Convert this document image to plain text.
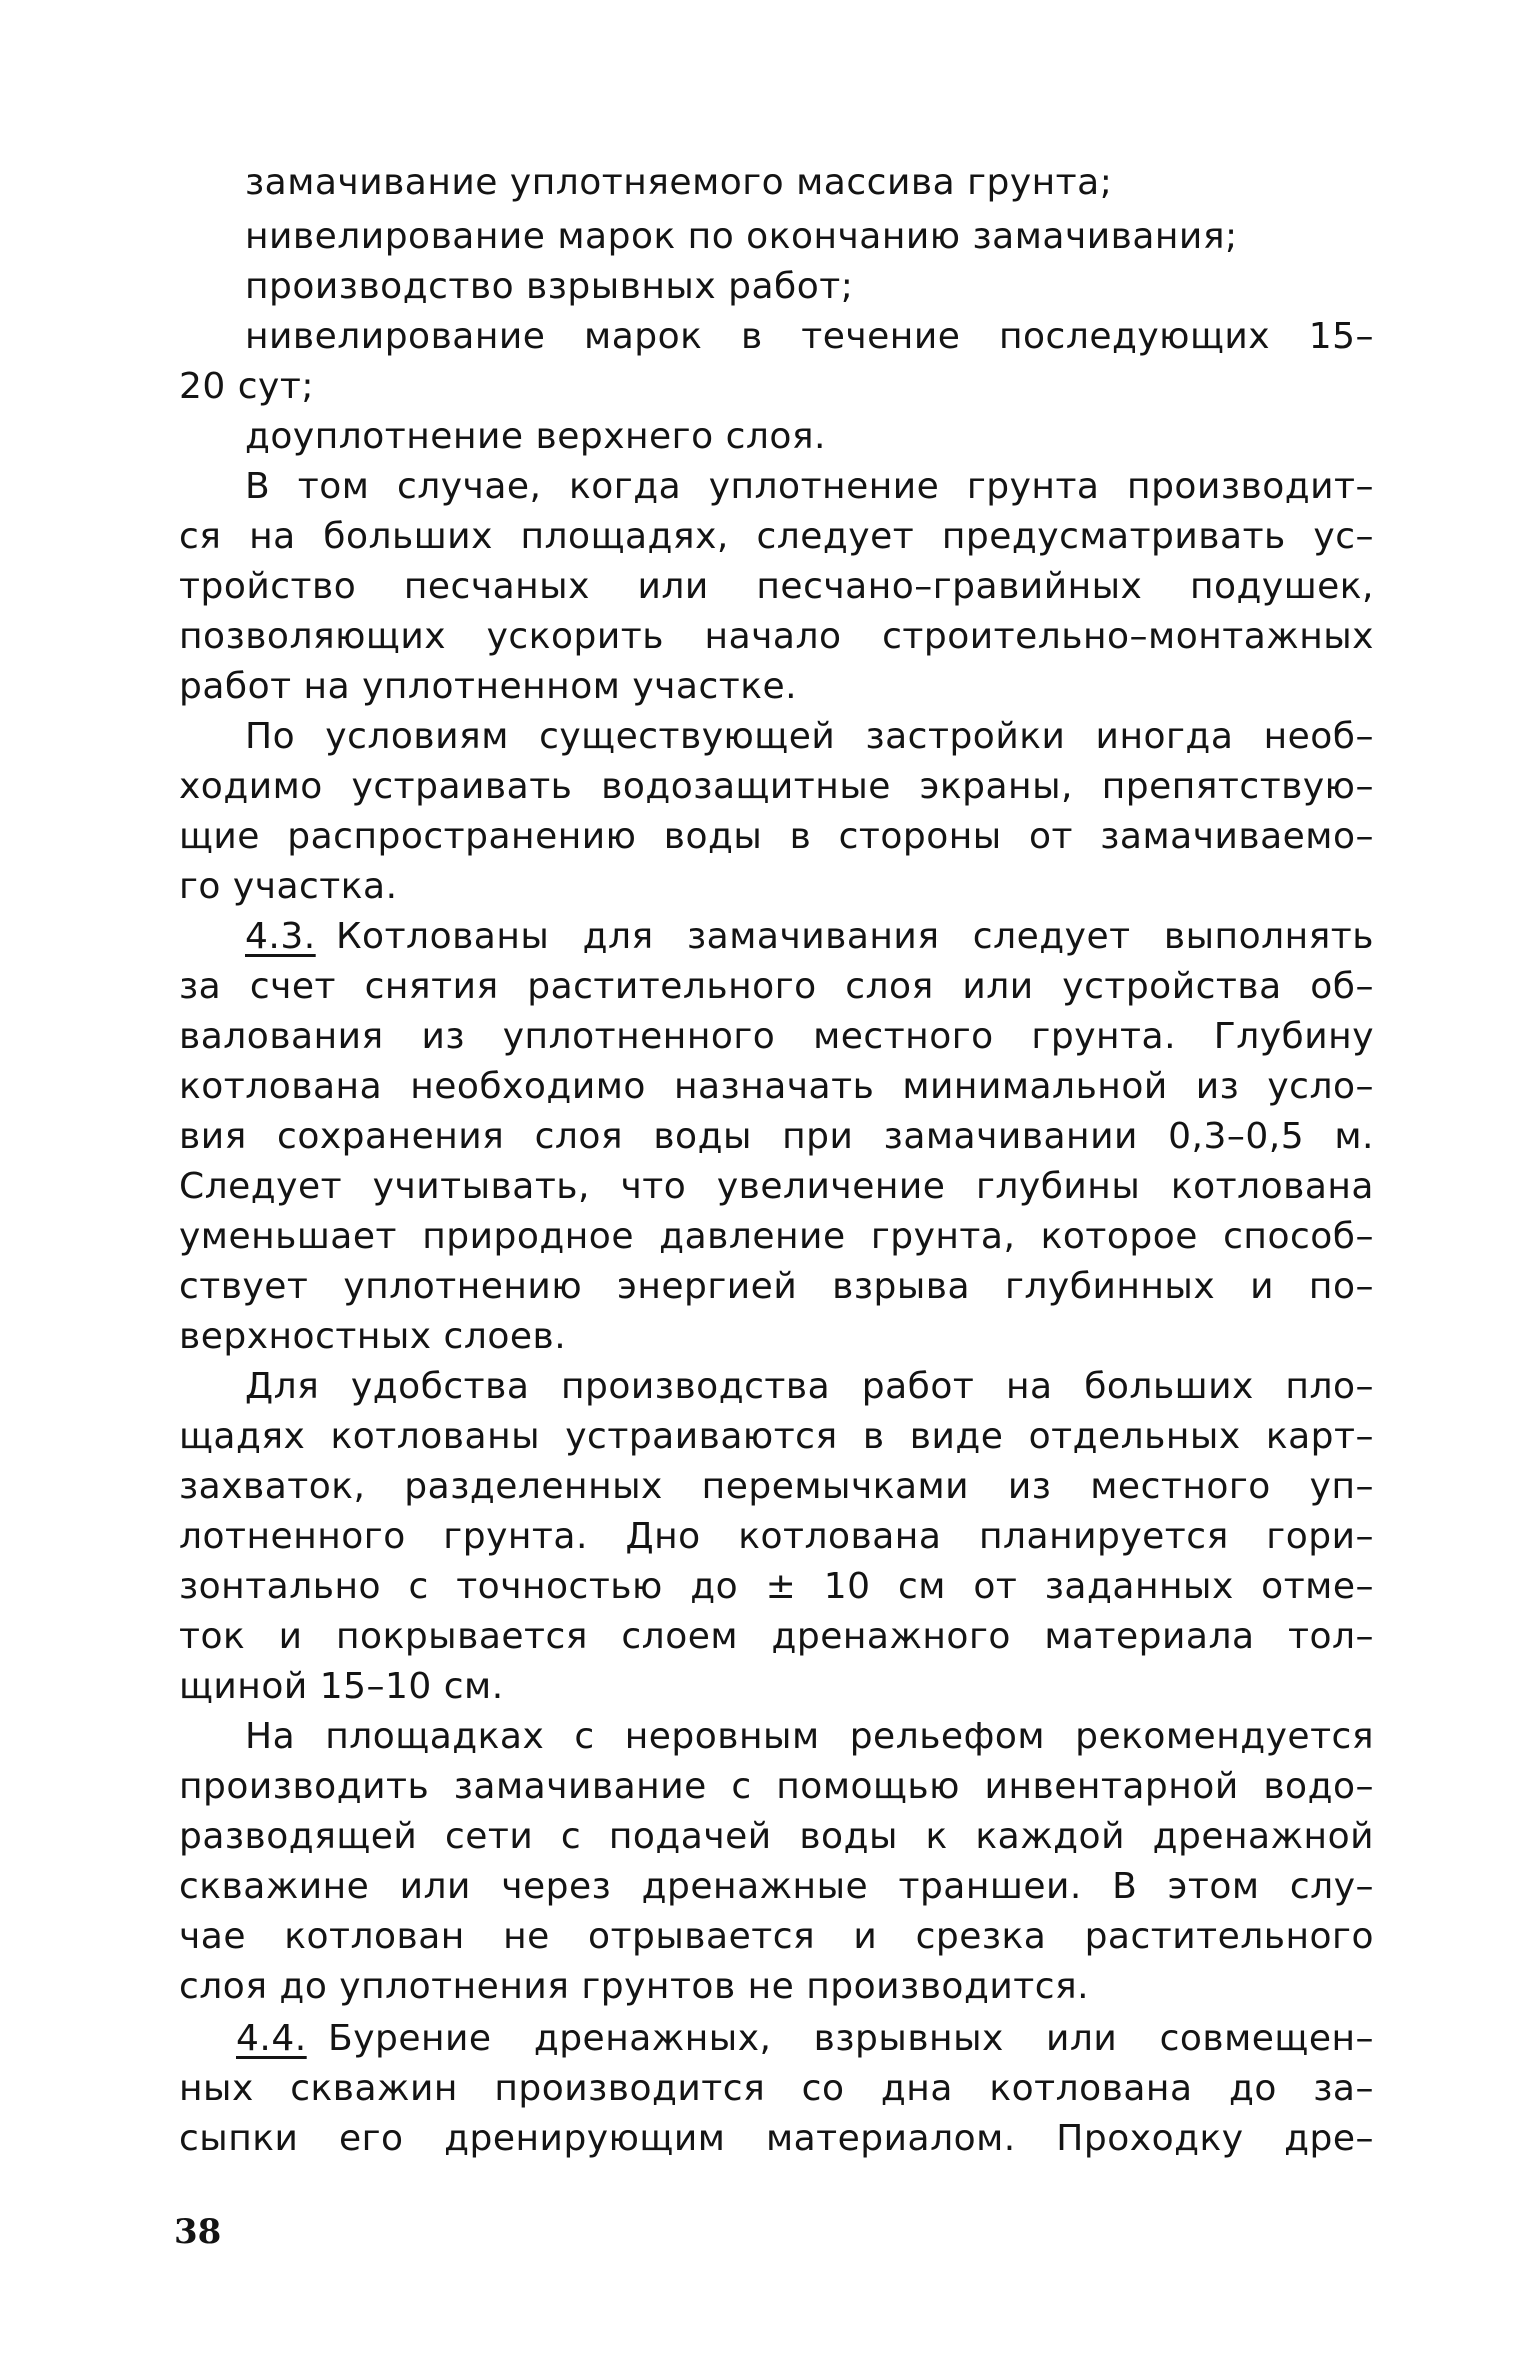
замачивание уплотняемого массива грунта;
нивелирование марок по окончанию замачивания;
производство взрывных работ;
нивелирование марок в течение последующих 15–
20 сут;
доуплотнение верхнего слоя.
В том случае, когда уплотнение грунта производит–
ся на больших площадях, следует предусматривать ус–
тройство песчаных или песчано–гравийных подушек,
позволяющих ускорить начало строительно–монтажных
работ на уплотненном участке.
По условиям существующей застройки иногда необ–
ходимо устраивать водозащитные экраны, препятствую–
щие распространению воды в стороны от замачиваемо–
го участка.
4.3. Котлованы для замачивания следует выполнять
за счет снятия растительного слоя или устройства об–
валования из уплотненного местного грунта. Глубину
котлована необходимо назначать минимальной из усло–
вия сохранения слоя воды при замачивании 0,3–0,5 м.
Следует учитывать, что увеличение глубины котлована
уменьшает природное давление грунта, которое способ–
ствует уплотнению энергией взрыва глубинных и по–
верхностных слоев.
Для удобства производства работ на больших пло–
щадях котлованы устраиваются в виде отдельных карт–
захваток, разделенных перемычками из местного уп–
лотненного грунта. Дно котлована планируется гори–
зонтально с точностью до ± 10 см от заданных отме–
ток и покрывается слоем дренажного материала тол–
щиной 15–10 см.
На площадках с неровным рельефом рекомендуется
производить замачивание с помощью инвентарной водо–
разводящей сети с подачей воды к каждой дренажной
скважине или через дренажные траншеи. В этом слу–
чае котлован не отрывается и срезка растительного
слоя до уплотнения грунтов не производится.
4.4. Бурение дренажных, взрывных или совмещен–
ных скважин производится со дна котлована до за–
сыпки его дренирующим материалом. Проходку дре–
38
